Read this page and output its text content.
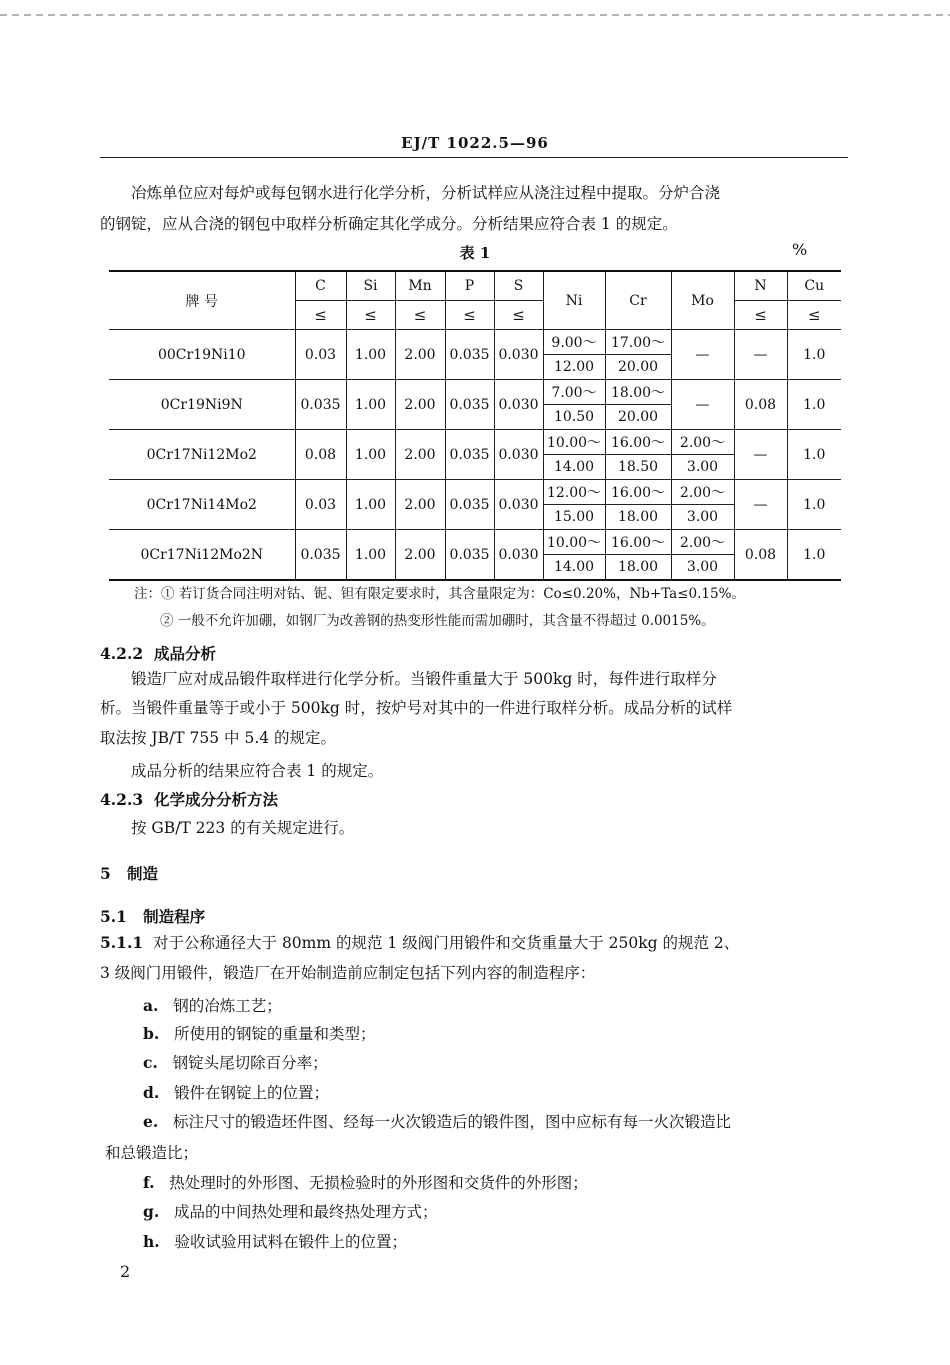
EJ/T 1022.5—96
冶炼单位应对每炉或每包钢水进行化学分析，分析试样应从浇注过程中提取。分炉合浇
的钢锭，应从合浇的钢包中取样分析确定其化学成分。分析结果应符合表 1 的规定。
表 1	%
牌 号	C	Si	Mn	P	S	Ni	Cr	Mo	N	Cu
	≤	≤	≤	≤	≤				≤	≤
00Cr19Ni10	0.03	1.00	2.00	0.035	0.030	9.00～	17.00～	—	—	1.0
						12.00	20.00			
0Cr19Ni9N	0.035	1.00	2.00	0.035	0.030	7.00～	18.00～	—	0.08	1.0
						10.50	20.00			
0Cr17Ni12Mo2	0.08	1.00	2.00	0.035	0.030	10.00～	16.00～	2.00～	—	1.0
						14.00	18.50	3.00		
0Cr17Ni14Mo2	0.03	1.00	2.00	0.035	0.030	12.00～	16.00～	2.00～	—	1.0
						15.00	18.00	3.00		
0Cr17Ni12Mo2N	0.035	1.00	2.00	0.035	0.030	10.00～	16.00～	2.00～	0.08	1.0
						14.00	18.00	3.00		
注：① 若订货合同注明对钴、铌、钽有限定要求时，其含量限定为：Co≤0.20%，Nb+Ta≤0.15%。
② 一般不允许加硼，如钢厂为改善钢的热变形性能而需加硼时，其含量不得超过 0.0015%。
4.2.2 成品分析
锻造厂应对成品锻件取样进行化学分析。当锻件重量大于 500kg 时，每件进行取样分
析。当锻件重量等于或小于 500kg 时，按炉号对其中的一件进行取样分析。成品分析的试样
取法按 JB/T 755 中 5.4 的规定。
成品分析的结果应符合表 1 的规定。
4.2.3 化学成分分析方法
按 GB/T 223 的有关规定进行。
5 制造
5.1 制造程序
5.1.1 对于公称通径大于 80mm 的规范 1 级阀门用锻件和交货重量大于 250kg 的规范 2、
3 级阀门用锻件，锻造厂在开始制造前应制定包括下列内容的制造程序：
a. 钢的冶炼工艺；
b. 所使用的钢锭的重量和类型；
c. 钢锭头尾切除百分率；
d. 锻件在钢锭上的位置；
e. 标注尺寸的锻造坯件图、经每一火次锻造后的锻件图，图中应标有每一火次锻造比
和总锻造比；
f. 热处理时的外形图、无损检验时的外形图和交货件的外形图；
g. 成品的中间热处理和最终热处理方式；
h. 验收试验用试料在锻件上的位置；
2
